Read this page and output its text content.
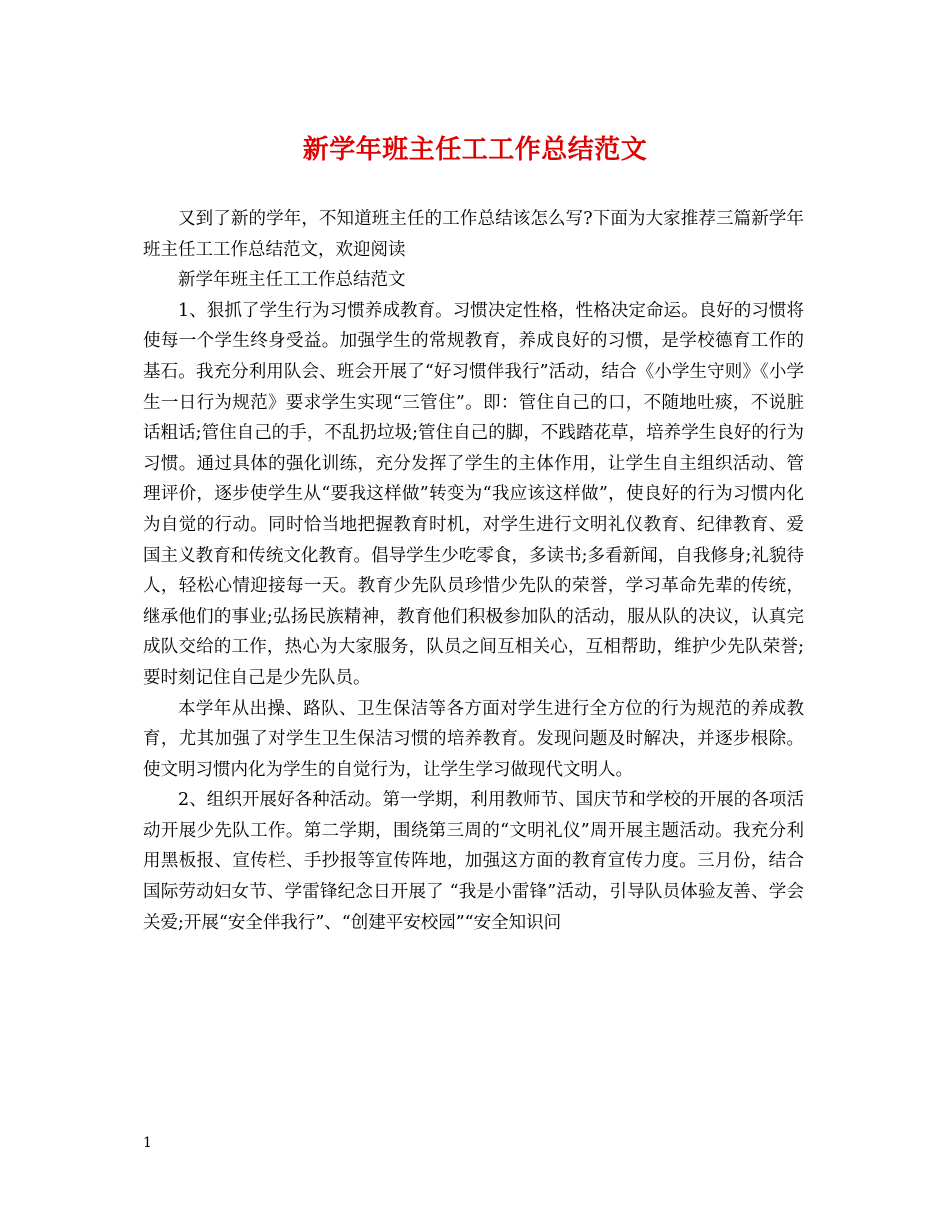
新学年班主任工工作总结范文

又到了新的学年，不知道班主任的工作总结该怎么写?下面为大家推荐三篇新学年班主任工工作总结范文，欢迎阅读

新学年班主任工工作总结范文

1、狠抓了学生行为习惯养成教育。习惯决定性格，性格决定命运。良好的习惯将使每一个学生终身受益。加强学生的常规教育，养成良好的习惯，是学校德育工作的基石。我充分利用队会、班会开展了“好习惯伴我行”活动，结合《小学生守则》《小学生一日行为规范》要求学生实现“三管住”。即：管住自己的口，不随地吐痰，不说脏话粗话;管住自己的手，不乱扔垃圾;管住自己的脚，不践踏花草，培养学生良好的行为习惯。通过具体的强化训练，充分发挥了学生的主体作用，让学生自主组织活动、管理评价，逐步使学生从“要我这样做”转变为“我应该这样做”，使良好的行为习惯内化为自觉的行动。同时恰当地把握教育时机，对学生进行文明礼仪教育、纪律教育、爱国主义教育和传统文化教育。倡导学生少吃零食，多读书;多看新闻，自我修身;礼貌待人，轻松心情迎接每一天。教育少先队员珍惜少先队的荣誉，学习革命先辈的传统，继承他们的事业;弘扬民族精神，教育他们积极参加队的活动，服从队的决议，认真完成队交给的工作，热心为大家服务，队员之间互相关心，互相帮助，维护少先队荣誉;要时刻记住自己是少先队员。

本学年从出操、路队、卫生保洁等各方面对学生进行全方位的行为规范的养成教育，尤其加强了对学生卫生保洁习惯的培养教育。发现问题及时解决，并逐步根除。使文明习惯内化为学生的自觉行为，让学生学习做现代文明人。

2、组织开展好各种活动。第一学期，利用教师节、国庆节和学校的开展的各项活动开展少先队工作。第二学期，围绕第三周的“文明礼仪”周开展主题活动。我充分利用黑板报、宣传栏、手抄报等宣传阵地，加强这方面的教育宣传力度。三月份，结合国际劳动妇女节、学雷锋纪念日开展了 “我是小雷锋”活动，引导队员体验友善、学会关爱;开展“安全伴我行”、“创建平安校园”“安全知识问

1
